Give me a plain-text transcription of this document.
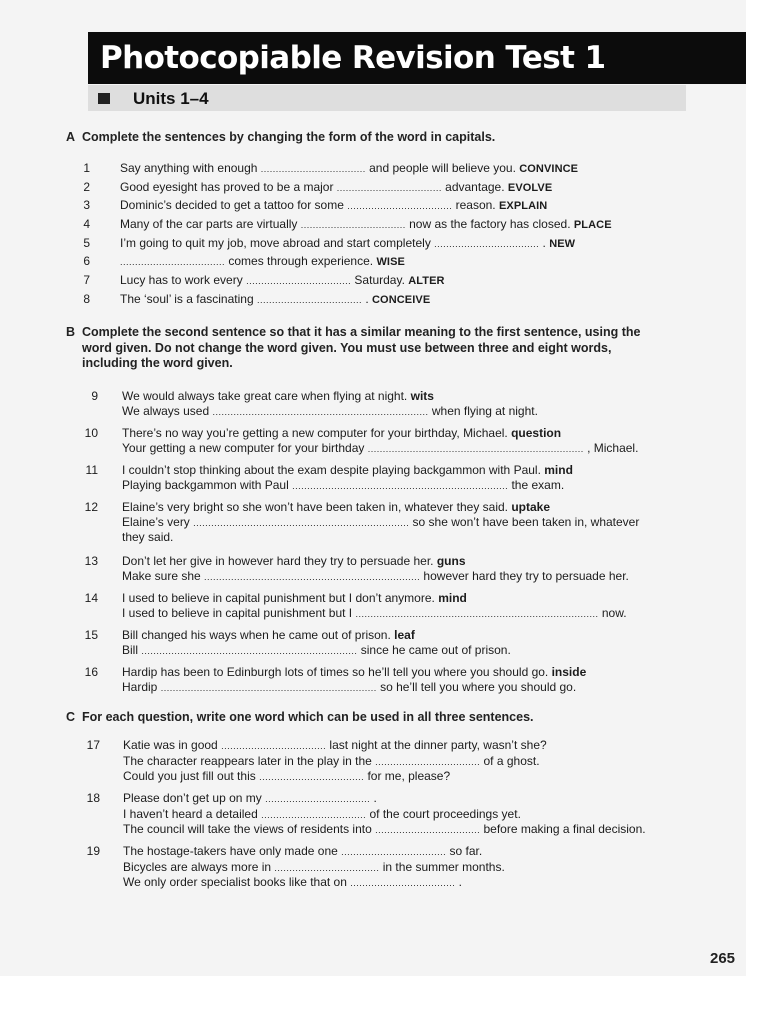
Photocopiable Revision Test 1
Units 1–4
A Complete the sentences by changing the form of the word in capitals.
1	Say anything with enough ................................... and people will believe you. CONVINCE
2	Good eyesight has proved to be a major ................................... advantage. EVOLVE
3	Dominic’s decided to get a tattoo for some ................................... reason. EXPLAIN
4	Many of the car parts are virtually ................................... now as the factory has closed. PLACE
5	I’m going to quit my job, move abroad and start completely ................................... . NEW
6	................................... comes through experience. WISE
7	Lucy has to work every ................................... Saturday. ALTER
8	The ‘soul’ is a fascinating ................................... . CONCEIVE
B Complete the second sentence so that it has a similar meaning to the first sentence, using the
word given. Do not change the word given. You must use between three and eight words,
including the word given.
9 We would always take great care when flying at night. wits
We always used ........................................................................ when flying at night.
10 There’s no way you’re getting a new computer for your birthday, Michael. question
Your getting a new computer for your birthday ........................................................................ , Michael.
11 I couldn’t stop thinking about the exam despite playing backgammon with Paul. mind
Playing backgammon with Paul ........................................................................ the exam.
12 Elaine’s very bright so she won’t have been taken in, whatever they said. uptake
Elaine’s very ........................................................................ so she won’t have been taken in, whatever
they said.
13 Don’t let her give in however hard they try to persuade her. guns
Make sure she ........................................................................ however hard they try to persuade her.
14 I used to believe in capital punishment but I don’t anymore. mind
I used to believe in capital punishment but I ................................................................................. now.
15 Bill changed his ways when he came out of prison. leaf
Bill ........................................................................ since he came out of prison.
16 Hardip has been to Edinburgh lots of times so he’ll tell you where you should go. inside
Hardip ........................................................................ so he’ll tell you where you should go.
C For each question, write one word which can be used in all three sentences.
17 Katie was in good ................................... last night at the dinner party, wasn’t she?
The character reappears later in the play in the ................................... of a ghost.
Could you just fill out this ................................... for me, please?
18 Please don’t get up on my ................................... .
I haven’t heard a detailed ................................... of the court proceedings yet.
The council will take the views of residents into ................................... before making a final decision.
19 The hostage-takers have only made one ................................... so far.
Bicycles are always more in ................................... in the summer months.
We only order specialist books like that on ................................... .
265
